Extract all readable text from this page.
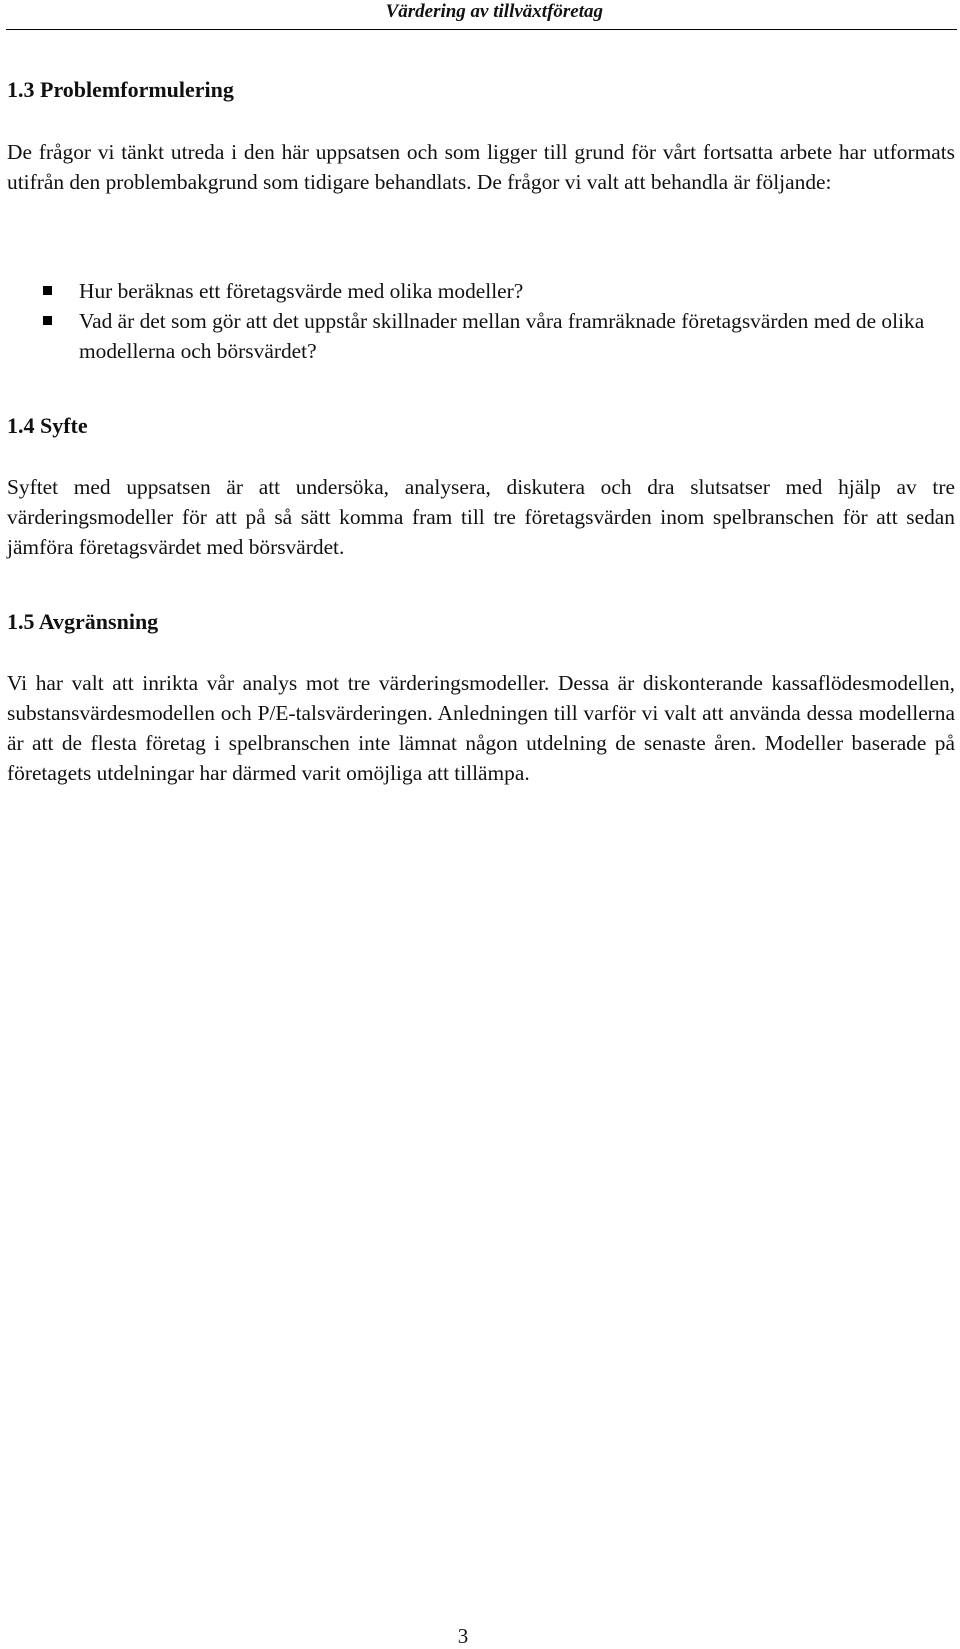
Värdering av tillväxtföretag
1.3 Problemformulering

De frågor vi tänkt utreda i den här uppsatsen och som ligger till grund för vårt fortsatta arbete har utformats utifrån den problembakgrund som tidigare behandlats. De frågor vi valt att behandla är följande:

Hur beräknas ett företagsvärde med olika modeller?
Vad är det som gör att det uppstår skillnader mellan våra framräknade företagsvärden med de olika modellerna och börsvärdet?
1.4 Syfte

Syftet med uppsatsen är att undersöka, analysera, diskutera och dra slutsatser med hjälp av tre värderingsmodeller för att på så sätt komma fram till tre företagsvärden inom spelbranschen för att sedan jämföra företagsvärdet med börsvärdet.

1.5 Avgränsning

Vi har valt att inrikta vår analys mot tre värderingsmodeller. Dessa är diskonterande kassaflödesmodellen, substansvärdesmodellen och P/E-talsvärderingen. Anledningen till varför vi valt att använda dessa modellerna är att de flesta företag i spelbranschen inte lämnat någon utdelning de senaste åren. Modeller baserade på företagets utdelningar har därmed varit omöjliga att tillämpa.

3
